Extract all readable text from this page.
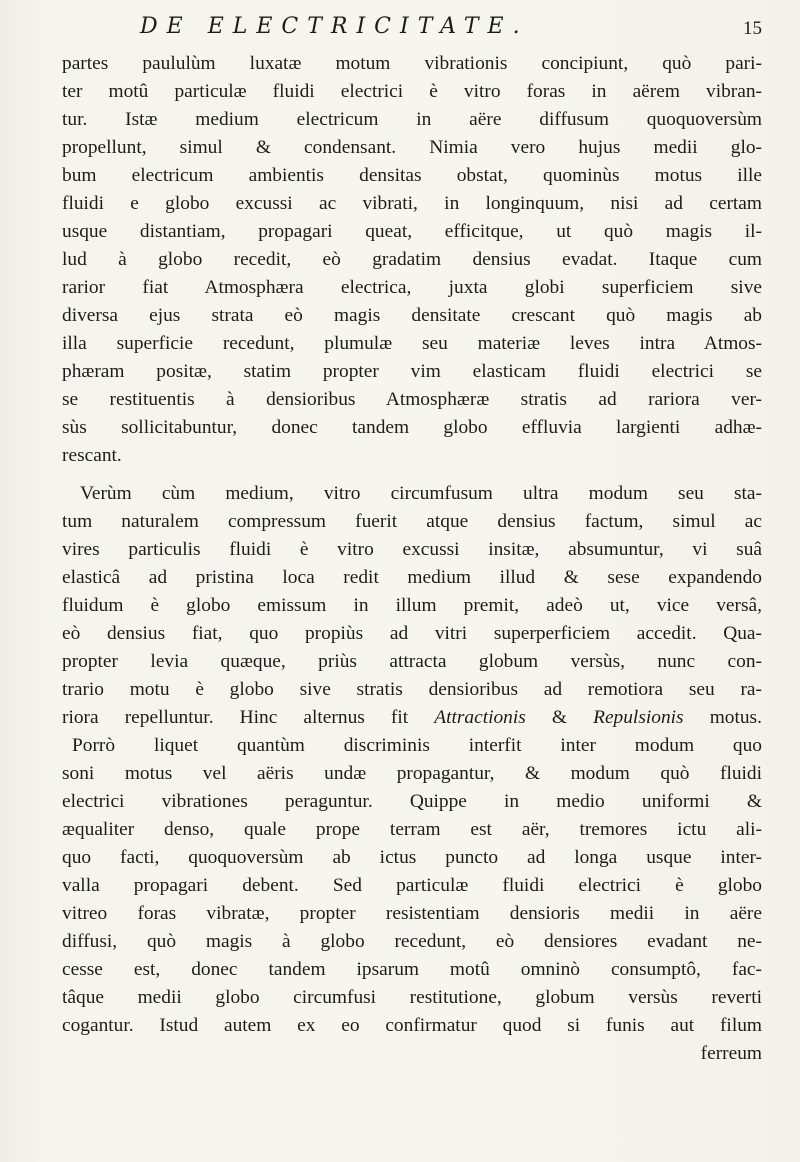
DE ELECTRICITATE.	15
partes paululùm luxatæ motum vibrationis concipiunt, quò pari-
ter motû particulæ fluidi electrici è vitro foras in aërem vibran-
tur. Istæ medium electricum in aëre diffusum quoquoversùm
propellunt, simul & condensant. Nimia vero hujus medii glo-
bum electricum ambientis densitas obstat, quominùs motus ille
fluidi e globo excussi ac vibrati, in longinquum, nisi ad certam
usque distantiam, propagari queat, efficitque, ut quò magis il-
lud à globo recedit, eò gradatim densius evadat. Itaque cum
rarior fiat Atmosphæra electrica, juxta globi superficiem sive
diversa ejus strata eò magis densitate crescant quò magis ab
illa superficie recedunt, plumulæ seu materiæ leves intra Atmos-
phæram positæ, statim propter vim elasticam fluidi electrici se
se restituentis à densioribus Atmosphæræ stratis ad rariora ver-
sùs sollicitabuntur, donec tandem globo effluvia largienti adhæ-
rescant.
Verùm cùm medium, vitro circumfusum ultra modum seu sta-
tum naturalem compressum fuerit atque densius factum, simul ac
vires particulis fluidi è vitro excussi insitæ, absumuntur, vi suâ
elasticâ ad pristina loca redit medium illud & sese expandendo
fluidum è globo emissum in illum premit, adeò ut, vice versâ,
eò densius fiat, quo propiùs ad vitri superperficiem accedit. Qua-
propter levia quæque, priùs attracta globum versùs, nunc con-
trario motu è globo sive stratis densioribus ad remotiora seu ra-
riora repelluntur. Hinc alternus fit Attractionis & Repulsionis motus.
Porrò liquet quantùm discriminis interfit inter modum quo
soni motus vel aëris undæ propagantur, & modum quò fluidi
electrici vibrationes peraguntur. Quippe in medio uniformi &
æqualiter denso, quale prope terram est aër, tremores ictu ali-
quo facti, quoquoversùm ab ictus puncto ad longa usque inter-
valla propagari debent. Sed particulæ fluidi electrici è globo
vitreo foras vibratæ, propter resistentiam densioris medii in aëre
diffusi, quò magis à globo recedunt, eò densiores evadant ne-
cesse est, donec tandem ipsarum motû omninò consumptô, fac-
tâque medii globo circumfusi restitutione, globum versùs reverti
cogantur. Istud autem ex eo confirmatur quod si funis aut filum
ferreum
